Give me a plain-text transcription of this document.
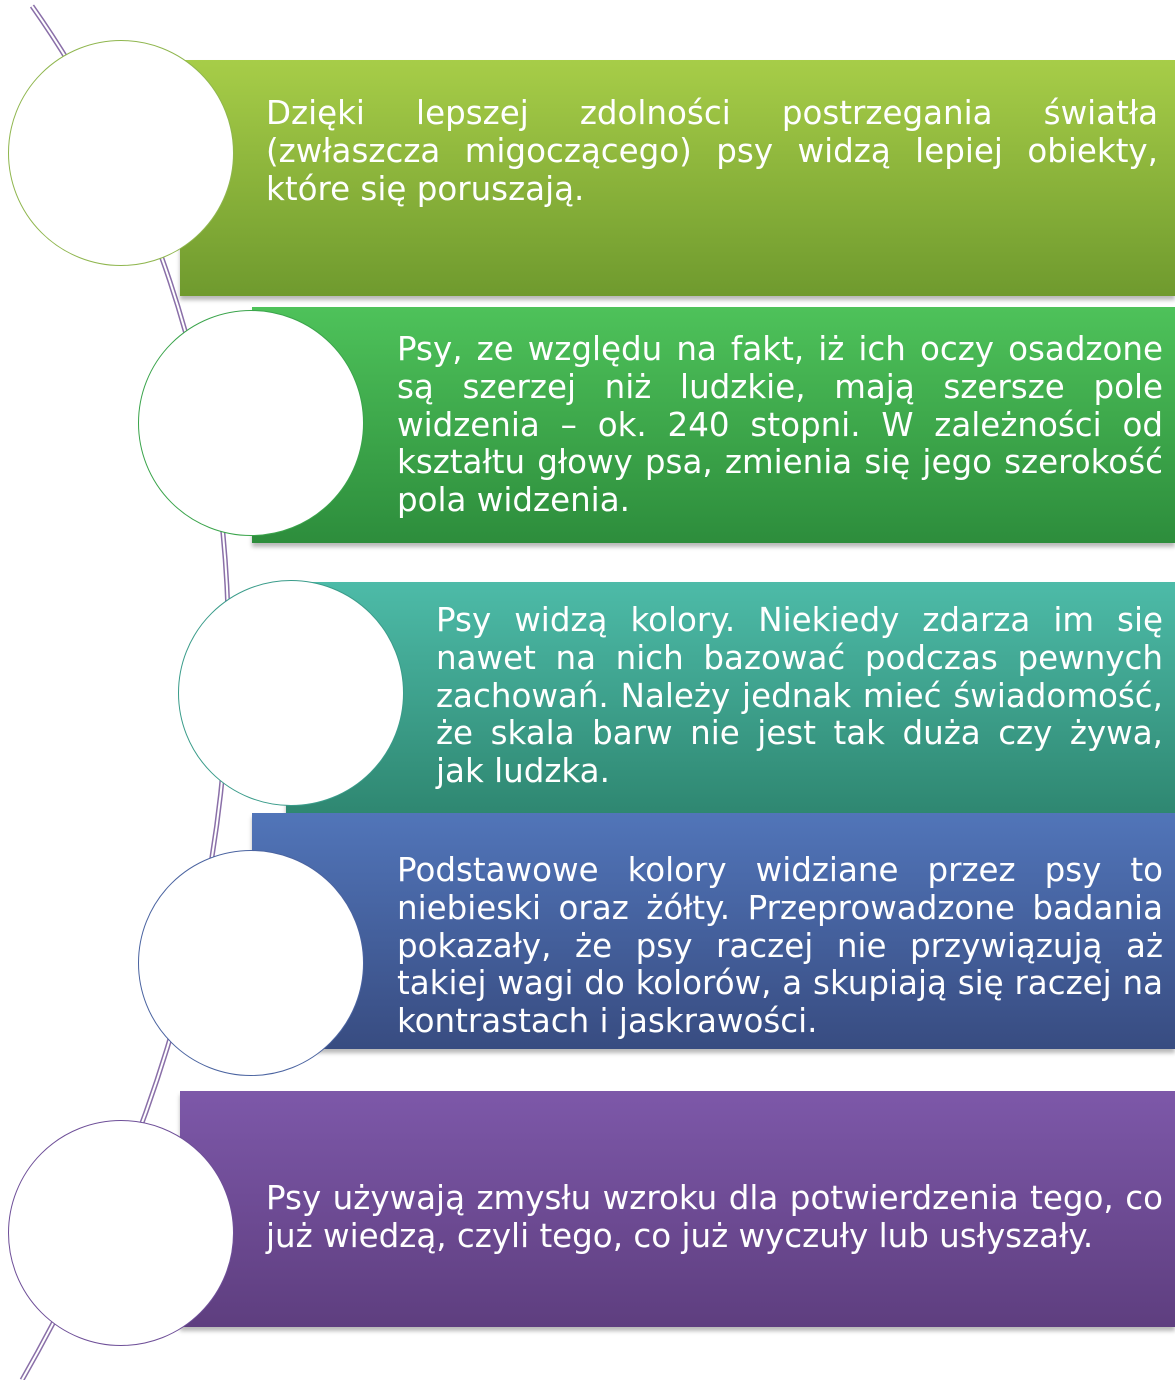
Dzięki lepszej zdolności postrzegania światła (zwłaszcza migoczącego) psy widzą lepiej obiekty, które się poruszają.
Psy, ze względu na fakt, iż ich oczy osadzone są szerzej niż ludzkie, mają szersze pole widzenia – ok. 240 stopni. W zależności od kształtu głowy psa, zmienia się jego szerokość pola widzenia.
Psy widzą kolory. Niekiedy zdarza im się nawet na nich bazować podczas pewnych zachowań. Należy jednak mieć świadomość, że skala barw nie jest tak duża czy żywa, jak ludzka.
Podstawowe kolory widziane przez psy to niebieski oraz żółty. Przeprowadzone badania pokazały, że psy raczej nie przywiązują aż takiej wagi do kolorów, a skupiają się raczej na kontrastach i jaskrawości.
Psy używają zmysłu wzroku dla potwierdzenia tego, co już wiedzą, czyli tego, co już wyczuły lub usłyszały.
